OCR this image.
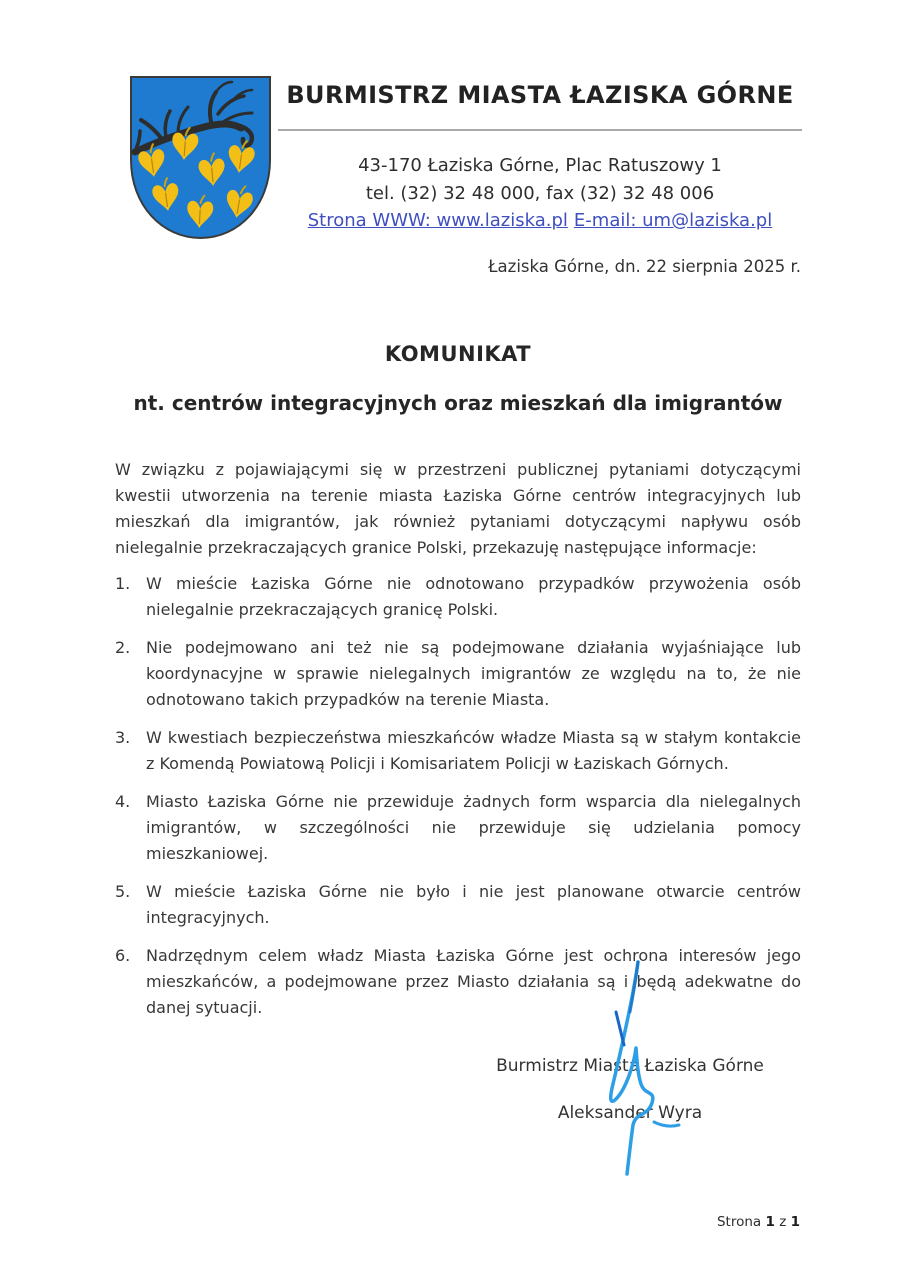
BURMISTRZ MIASTA ŁAZISKA GÓRNE
43-170 Łaziska Górne, Plac Ratuszowy 1
tel. (32) 32 48 000, fax (32) 32 48 006
Strona WWW: www.laziska.pl E-mail: um@laziska.pl
Łaziska Górne, dn. 22 sierpnia 2025 r.
KOMUNIKAT
nt. centrów integracyjnych oraz mieszkań dla imigrantów
W związku z pojawiającymi się w przestrzeni publicznej pytaniami dotyczącymi kwestii utworzenia na terenie miasta Łaziska Górne centrów integracyjnych lub mieszkań dla imigrantów, jak również pytaniami dotyczącymi napływu osób nielegalnie przekraczających granice Polski, przekazuję następujące informacje:
1. W mieście Łaziska Górne nie odnotowano przypadków przywożenia osób nielegalnie przekraczających granicę Polski.
2. Nie podejmowano ani też nie są podejmowane działania wyjaśniające lub koordynacyjne w sprawie nielegalnych imigrantów ze względu na to, że nie odnotowano takich przypadków na terenie Miasta.
3. W kwestiach bezpieczeństwa mieszkańców władze Miasta są w stałym kontakcie z Komendą Powiatową Policji i Komisariatem Policji w Łaziskach Górnych.
4. Miasto Łaziska Górne nie przewiduje żadnych form wsparcia dla nielegalnych imigrantów, w szczególności nie przewiduje się udzielania pomocy mieszkaniowej.
5. W mieście Łaziska Górne nie było i nie jest planowane otwarcie centrów integracyjnych.
6. Nadrzędnym celem władz Miasta Łaziska Górne jest ochrona interesów jego mieszkańców, a podejmowane przez Miasto działania są i będą adekwatne do danej sytuacji.
Burmistrz Miasta Łaziska Górne
Aleksander Wyra
Strona 1 z 1
